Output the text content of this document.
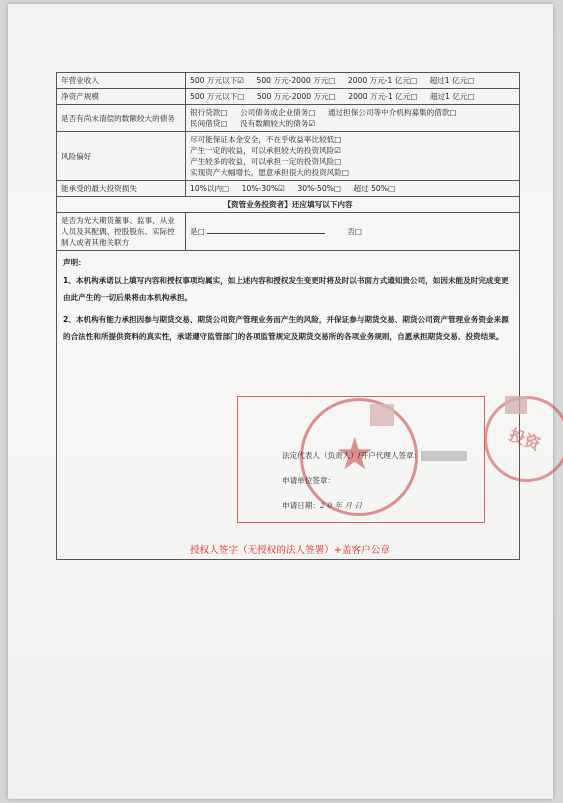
年营业收入	500 万元以下☑ 500 万元-2000 万元□ 2000 万元-1 亿元□ 超过1 亿元□
净资产规模	500 万元以下□ 500 万元-2000 万元□ 2000 万元-1 亿元□ 超过1 亿元□
是否有尚未清偿的数额较大的债务	银行贷款□ 公司债务或企业债务□ 通过担保公司等中介机构募集的借款□
民间借贷□ 没有数额较大的债务☑
风险偏好	尽可能保证本金安全，不在乎收益率比较低□
产生一定的收益，可以承担较大的投资风险☑
产生较多的收益，可以承担一定的投资风险□
实现资产大幅增长，愿意承担很大的投资风险□

能承受的最大投资损失	10%以内□ 10%-30%☑ 30%-50%□ 超过 50%□
【资管业务投资者】还应填写以下内容	
是否为光大期货董事、监事、从业人员及其配偶、控股股东、实际控制人或者其他关联方	是□ 否□

声明：

1、本机构承诺以上填写内容和授权事项均属实，如上述内容和授权发生变更时将及时以书面方式通知贵公司，如因未能及时完成变更由此产生的一切后果将由本机构承担。

2、本机构有能力承担因参与期货交易、期货公司资产管理业务而产生的风险，并保证参与期货交易、期货公司资产管理业务资金来源的合法性和所提供资料的真实性，承诺遵守监管部门的各项监管规定及期货交易所的各项业务规则，自愿承担期货交易、投资结果。	

★	投资
法定代表人（负责人）/开户代理人签章：
申请单位签章：
申请日期：2 0 年 月 日
授权人签字（无授权的法人签署）+盖客户公章
